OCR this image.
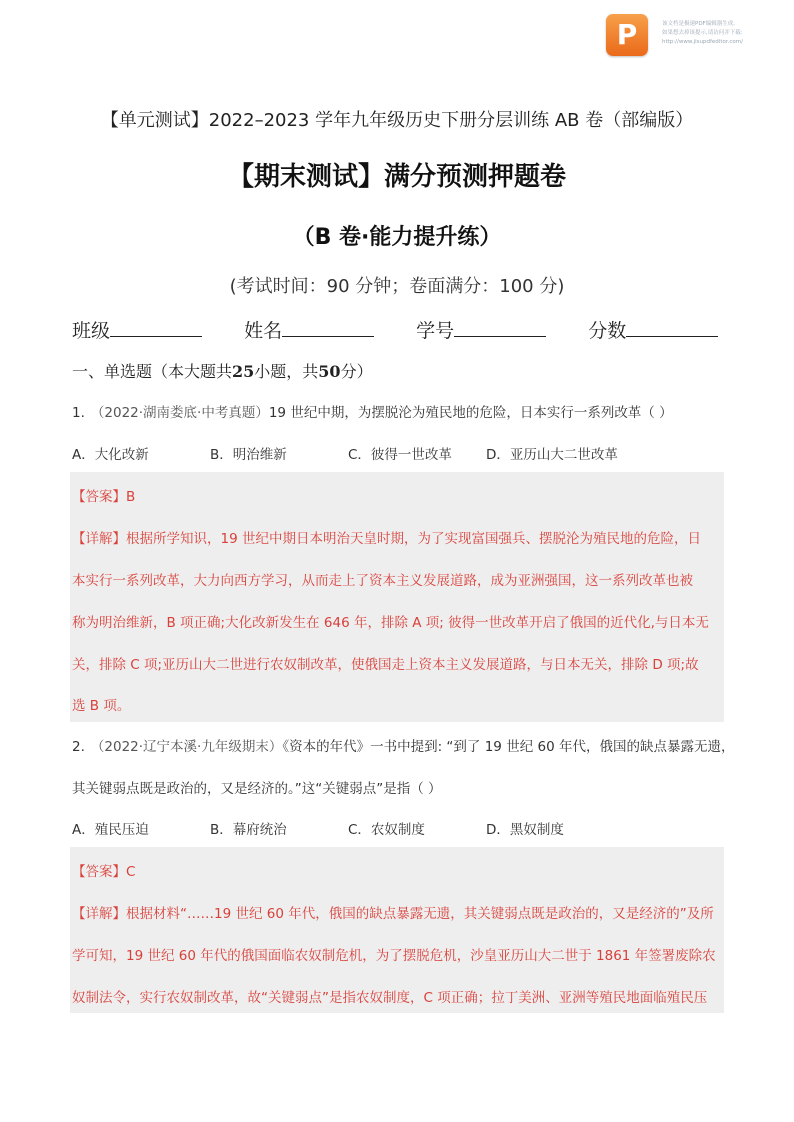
P	该文档是极速PDF编辑器生成,
如果想去掉该提示,请访问并下载:
http://www.jisupdfeditor.com/
【单元测试】2022–2023 学年九年级历史下册分层训练 AB 卷（部编版）
【期末测试】满分预测押题卷
（B 卷·能力提升练）
(考试时间：90 分钟；卷面满分：100 分)
班级	姓名	学号	分数
一、单选题（本大题共25小题，共50分）
1. （2022·湖南娄底·中考真题）19 世纪中期，为摆脱沦为殖民地的危险，日本实行一系列改革（ ）
A．大化改新	B．明治维新	C．彼得一世改革	D．亚历山大二世改革
【答案】B
【详解】根据所学知识，19 世纪中期日本明治天皇时期，为了实现富国强兵、摆脱沦为殖民地的危险，日
本实行一系列改革，大力向西方学习，从而走上了资本主义发展道路，成为亚洲强国，这一系列改革也被
称为明治维新，B 项正确;大化改新发生在 646 年，排除 A 项; 彼得一世改革开启了俄国的近代化,与日本无
关，排除 C 项;亚历山大二世进行农奴制改革，使俄国走上资本主义发展道路，与日本无关，排除 D 项;故
选 B 项。
2. （2022·辽宁本溪·九年级期末）《资本的年代》一书中提到: “到了 19 世纪 60 年代，俄国的缺点暴露无遗，
其关键弱点既是政治的，又是经济的。”这“关键弱点”是指（ ）
A．殖民压迫	B．幕府统治	C．农奴制度	D．黑奴制度
【答案】C
【详解】根据材料“……19 世纪 60 年代，俄国的缺点暴露无遗，其关键弱点既是政治的，又是经济的”及所
学可知，19 世纪 60 年代的俄国面临农奴制危机，为了摆脱危机，沙皇亚历山大二世于 1861 年签署废除农
奴制法令，实行农奴制改革，故“关键弱点”是指农奴制度，C 项正确；拉丁美洲、亚洲等殖民地面临殖民压
